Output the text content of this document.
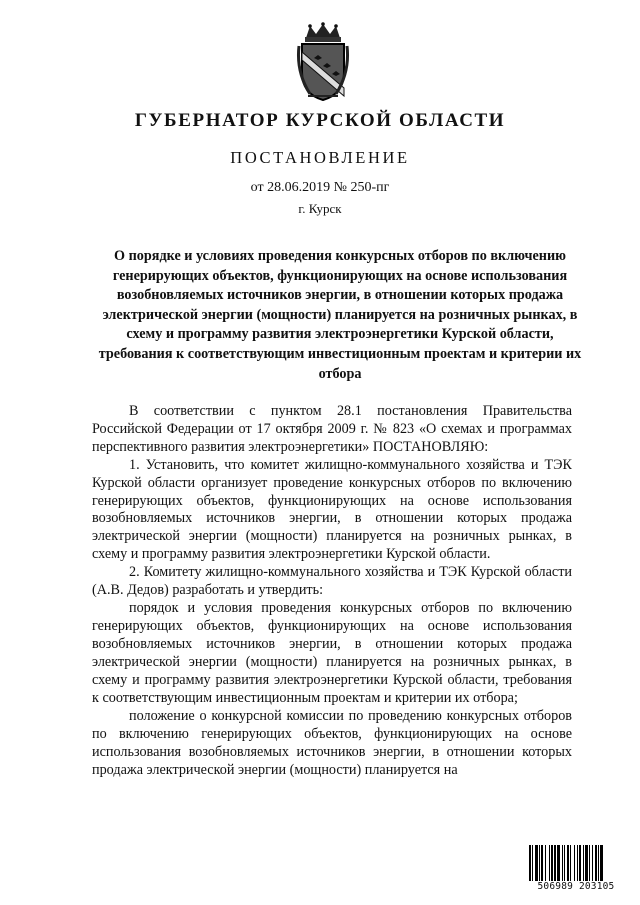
ГУБЕРНАТОР КУРСКОЙ ОБЛАСТИ
ПОСТАНОВЛЕНИЕ
от 28.06.2019 № 250-пг
г. Курск

О порядке и условиях проведения конкурсных отборов по включению генерирующих объектов, функционирующих на основе использования возобновляемых источников энергии, в отношении которых продажа электрической энергии (мощности) планируется на розничных рынках, в схему и программу развития электроэнергетики Курской области, требования к соответствующим инвестиционным проектам и критерии их отбора

В соответствии с пунктом 28.1 постановления Правительства Российской Федерации от 17 октября 2009 г. № 823 «О схемах и программах перспективного развития электроэнергетики» ПОСТАНОВЛЯЮ:

1. Установить, что комитет жилищно-коммунального хозяйства и ТЭК Курской области организует проведение конкурсных отборов по включению генерирующих объектов, функционирующих на основе использования возобновляемых источников энергии, в отношении которых продажа электрической энергии (мощности) планируется на розничных рынках, в схему и программу развития электроэнергетики Курской области.

2. Комитету жилищно-коммунального хозяйства и ТЭК Курской области (А.В. Дедов) разработать и утвердить:

порядок и условия проведения конкурсных отборов по включению генерирующих объектов, функционирующих на основе использования возобновляемых источников энергии, в отношении которых продажа электрической энергии (мощности) планируется на розничных рынках, в схему и программу развития электроэнергетики Курской области, требования к соответствующим инвестиционным проектам и критерии их отбора;

положение о конкурсной комиссии по проведению конкурсных отборов по включению генерирующих объектов, функционирующих на основе использования возобновляемых источников энергии, в отношении которых продажа электрической энергии (мощности) планируется на

506989 203105
